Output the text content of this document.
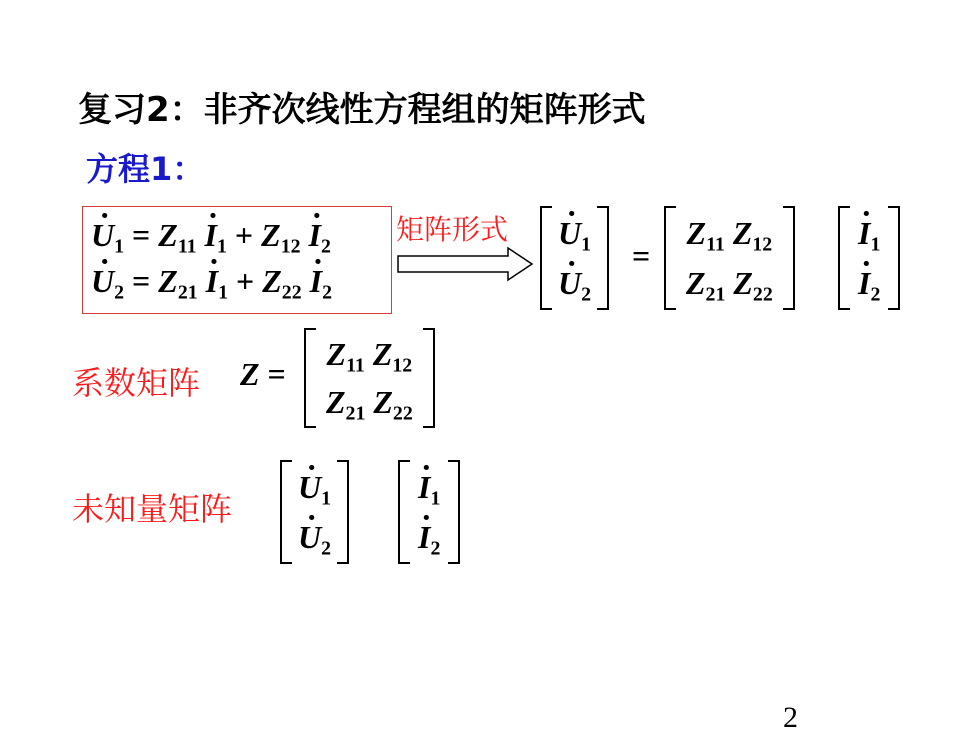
复习2：非齐次线性方程组的矩阵形式
方程1：
$U \cdot_1 = Z_{11}$ $I \cdot_1 + Z_{12}$ $I \cdot_2$
$U \cdot_2 = Z_{21}$ $I \cdot_1 + Z_{22}$ $I \cdot_2$
矩阵形式 $U \cdot_1$
$U \cdot_2$
=
$Z_{11}$ $Z_{12}$
$Z_{21}$ $Z_{22}$
$I \cdot_1$
$I \cdot_2$
系数矩阵 Z =
$Z_{11}$ $Z_{12}$
$Z_{21}$ $Z_{22}$
未知量矩阵
$U \cdot_1$
$U \cdot_2$
$I \cdot_1$
$I \cdot_2$
2
